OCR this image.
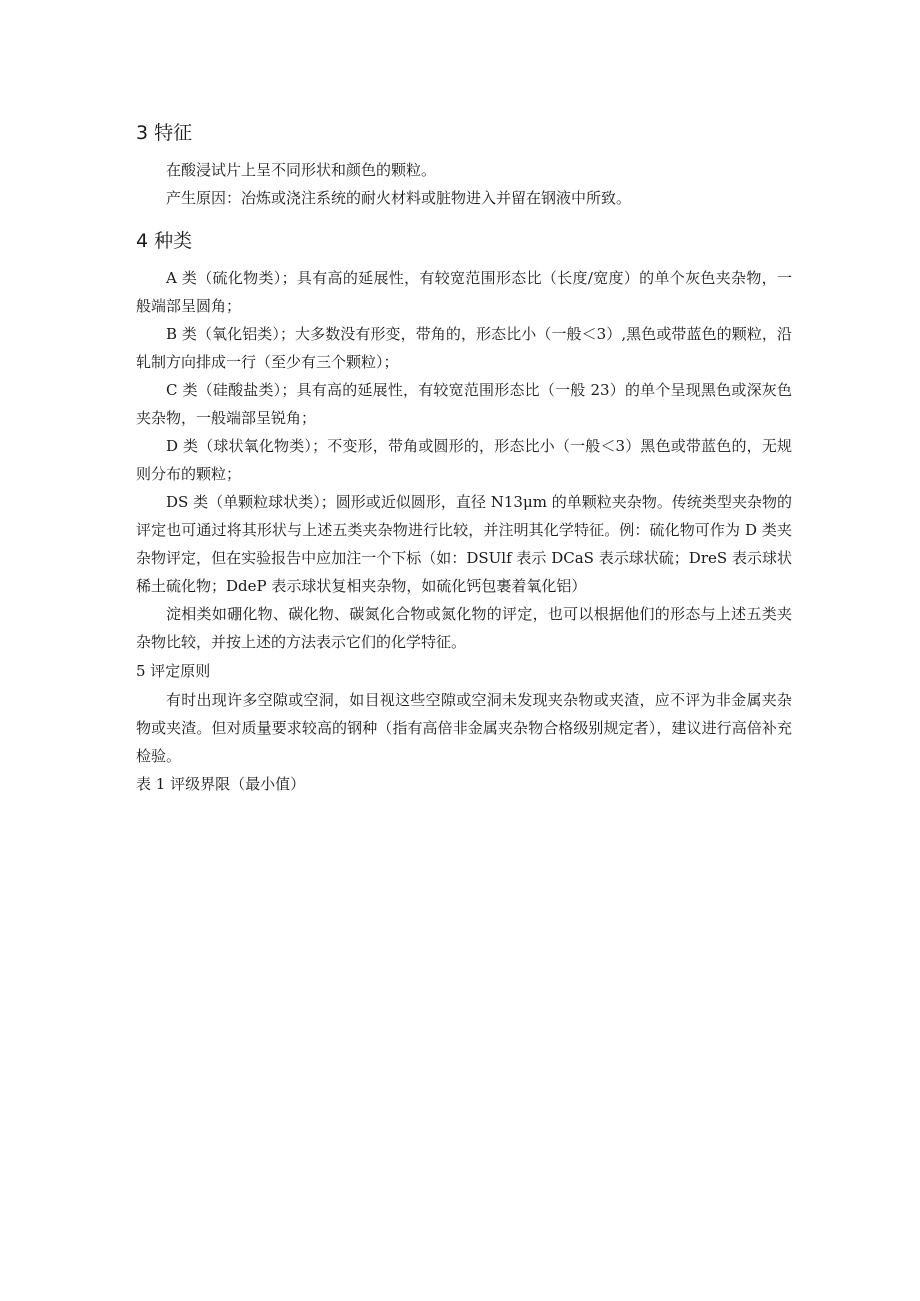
3 特征

在酸浸试片上呈不同形状和颜色的颗粒。

产生原因：冶炼或浇注系统的耐火材料或脏物进入并留在钢液中所致。

4 种类

A 类（硫化物类）；具有高的延展性，有较宽范围形态比（长度/宽度）的单个灰色夹杂物，一般端部呈圆角；

B 类（氧化铝类）；大多数没有形变，带角的，形态比小（一般＜3）,黑色或带蓝色的颗粒，沿轧制方向排成一行（至少有三个颗粒）；

C 类（硅酸盐类）；具有高的延展性，有较宽范围形态比（一般 23）的单个呈现黑色或深灰色夹杂物，一般端部呈锐角；

D 类（球状氧化物类）；不变形，带角或圆形的，形态比小（一般＜3）黑色或带蓝色的，无规则分布的颗粒；

DS 类（单颗粒球状类）；圆形或近似圆形，直径 N13μm 的单颗粒夹杂物。传统类型夹杂物的评定也可通过将其形状与上述五类夹杂物进行比较，并注明其化学特征。例：硫化物可作为 D 类夹杂物评定，但在实验报告中应加注一个下标（如：DSUlf 表示 DCaS 表示球状硫；DreS 表示球状稀土硫化物；DdeP 表示球状复相夹杂物，如硫化钙包裹着氧化铝）

淀相类如硼化物、碳化物、碳氮化合物或氮化物的评定，也可以根据他们的形态与上述五类夹杂物比较，并按上述的方法表示它们的化学特征。

5 评定原则

有时出现许多空隙或空洞，如目视这些空隙或空洞未发现夹杂物或夹渣，应不评为非金属夹杂物或夹渣。但对质量要求较高的钢种（指有高倍非金属夹杂物合格级别规定者），建议进行高倍补充检验。

表 1 评级界限（最小值）
